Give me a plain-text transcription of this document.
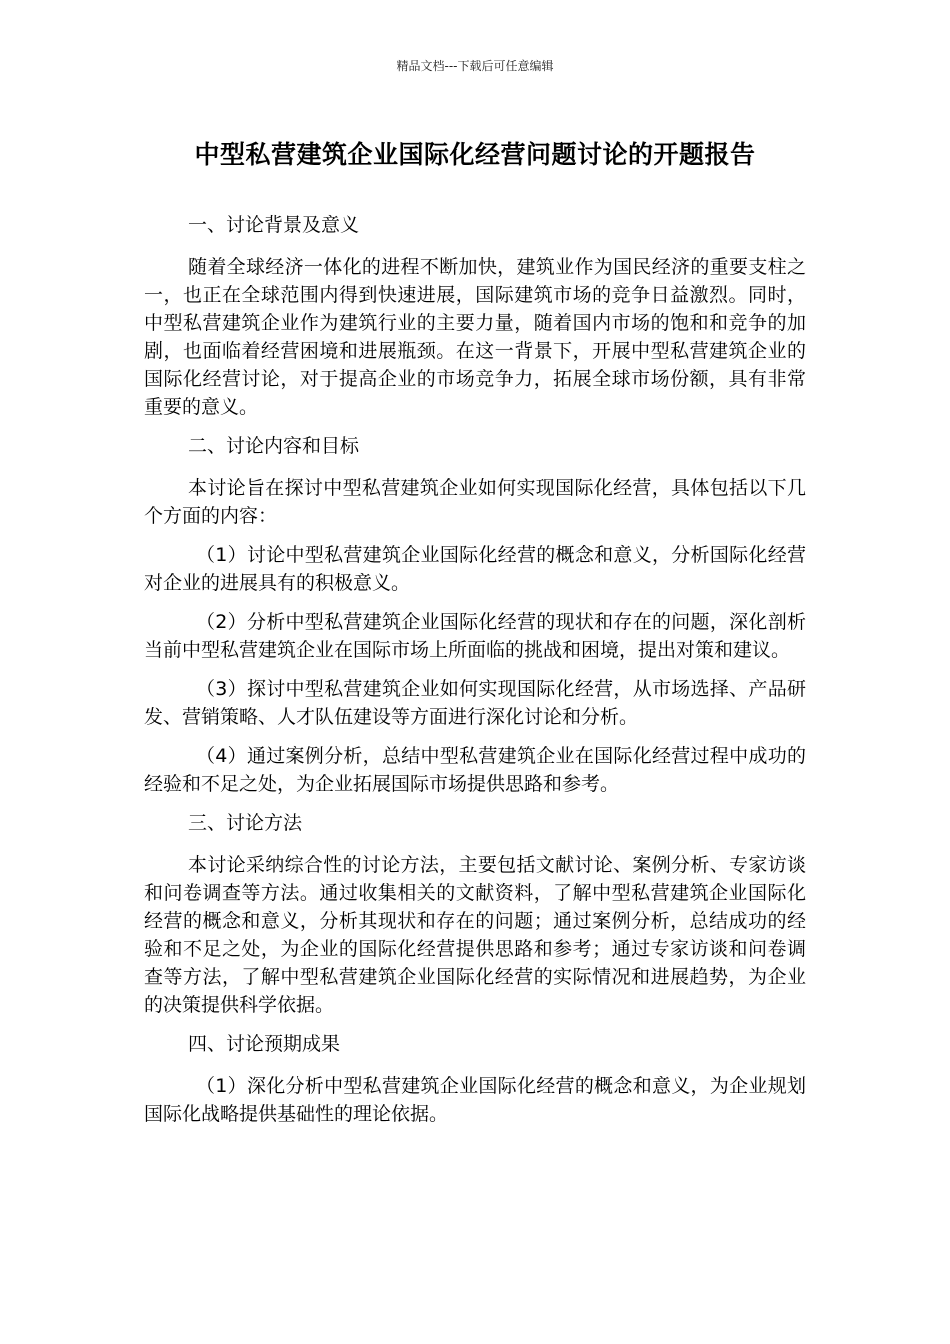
精品文档---下载后可任意编辑
中型私营建筑企业国际化经营问题讨论的开题报告

一、讨论背景及意义

随着全球经济一体化的进程不断加快，建筑业作为国民经济的重要支柱之一，也正在全球范围内得到快速进展，国际建筑市场的竞争日益激烈。同时，中型私营建筑企业作为建筑行业的主要力量，随着国内市场的饱和和竞争的加剧，也面临着经营困境和进展瓶颈。在这一背景下，开展中型私营建筑企业的国际化经营讨论，对于提高企业的市场竞争力，拓展全球市场份额，具有非常重要的意义。

二、讨论内容和目标

本讨论旨在探讨中型私营建筑企业如何实现国际化经营，具体包括以下几个方面的内容：

（1）讨论中型私营建筑企业国际化经营的概念和意义，分析国际化经营对企业的进展具有的积极意义。

（2）分析中型私营建筑企业国际化经营的现状和存在的问题，深化剖析当前中型私营建筑企业在国际市场上所面临的挑战和困境，提出对策和建议。

（3）探讨中型私营建筑企业如何实现国际化经营，从市场选择、产品研发、营销策略、人才队伍建设等方面进行深化讨论和分析。

（4）通过案例分析，总结中型私营建筑企业在国际化经营过程中成功的经验和不足之处，为企业拓展国际市场提供思路和参考。

三、讨论方法

本讨论采纳综合性的讨论方法，主要包括文献讨论、案例分析、专家访谈和问卷调查等方法。通过收集相关的文献资料，了解中型私营建筑企业国际化经营的概念和意义，分析其现状和存在的问题；通过案例分析，总结成功的经验和不足之处，为企业的国际化经营提供思路和参考；通过专家访谈和问卷调查等方法，了解中型私营建筑企业国际化经营的实际情况和进展趋势，为企业的决策提供科学依据。

四、讨论预期成果

（1）深化分析中型私营建筑企业国际化经营的概念和意义，为企业规划国际化战略提供基础性的理论依据。
